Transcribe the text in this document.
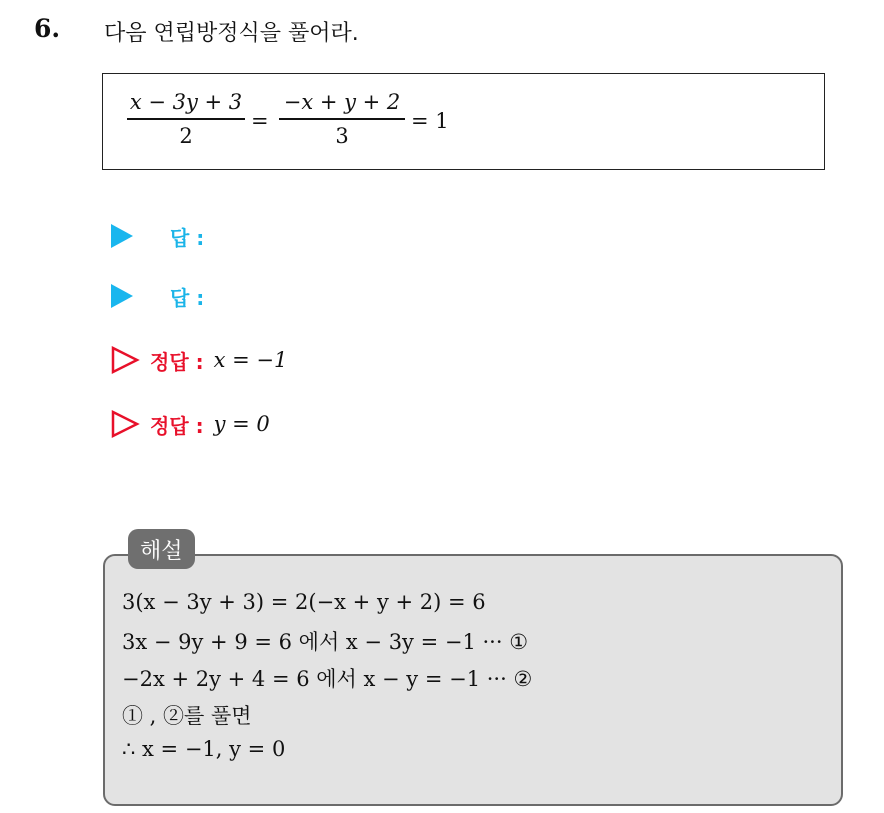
6. 다음 연립방정식을 풀어라.
x − 3y + 3
2
=
−x + y + 2
3
= 1
답 :
답 :
정답 : x = −1
정답 : y = 0
해설
3(x − 3y + 3) = 2(−x + y + 2) = 6
3x − 9y + 9 = 6 에서 x − 3y = −1 ··· ①
−2x + 2y + 4 = 6 에서 x − y = −1 ··· ②
① , ②를 풀면
∴ x = −1, y = 0
